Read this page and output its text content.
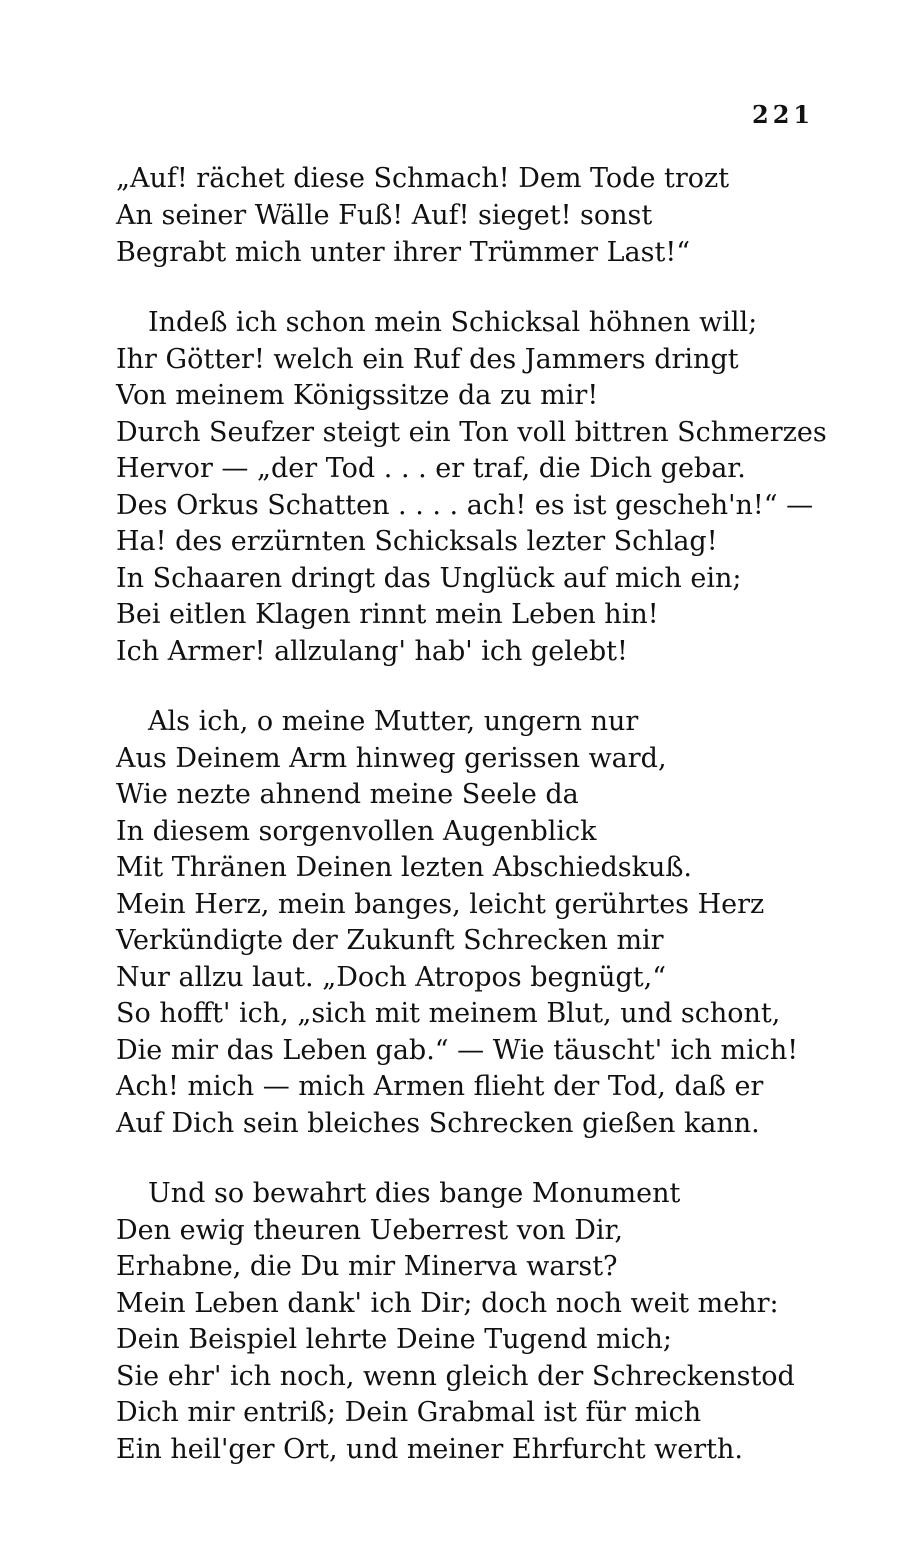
221
„Auf! rächet diese Schmach! Dem Tode trozt
An seiner Wälle Fuß! Auf! sieget! sonst
Begrabt mich unter ihrer Trümmer Last!“
Indeß ich schon mein Schicksal höhnen will;
Ihr Götter! welch ein Ruf des Jammers dringt
Von meinem Königssitze da zu mir!
Durch Seufzer steigt ein Ton voll bittren Schmerzes
Hervor — „der Tod . . . er traf, die Dich gebar.
Des Orkus Schatten . . . . ach! es ist gescheh'n!“ —
Ha! des erzürnten Schicksals lezter Schlag!
In Schaaren dringt das Unglück auf mich ein;
Bei eitlen Klagen rinnt mein Leben hin!
Ich Armer! allzulang' hab' ich gelebt!
Als ich, o meine Mutter, ungern nur
Aus Deinem Arm hinweg gerissen ward,
Wie nezte ahnend meine Seele da
In diesem sorgenvollen Augenblick
Mit Thränen Deinen lezten Abschiedskuß.
Mein Herz, mein banges, leicht gerührtes Herz
Verkündigte der Zukunft Schrecken mir
Nur allzu laut. „Doch Atropos begnügt,“
So hofft' ich, „sich mit meinem Blut, und schont,
Die mir das Leben gab.“ — Wie täuscht' ich mich!
Ach! mich — mich Armen flieht der Tod, daß er
Auf Dich sein bleiches Schrecken gießen kann.
Und so bewahrt dies bange Monument
Den ewig theuren Ueberrest von Dir,
Erhabne, die Du mir Minerva warst?
Mein Leben dank' ich Dir; doch noch weit mehr:
Dein Beispiel lehrte Deine Tugend mich;
Sie ehr' ich noch, wenn gleich der Schreckenstod
Dich mir entriß; Dein Grabmal ist für mich
Ein heil'ger Ort, und meiner Ehrfurcht werth.
